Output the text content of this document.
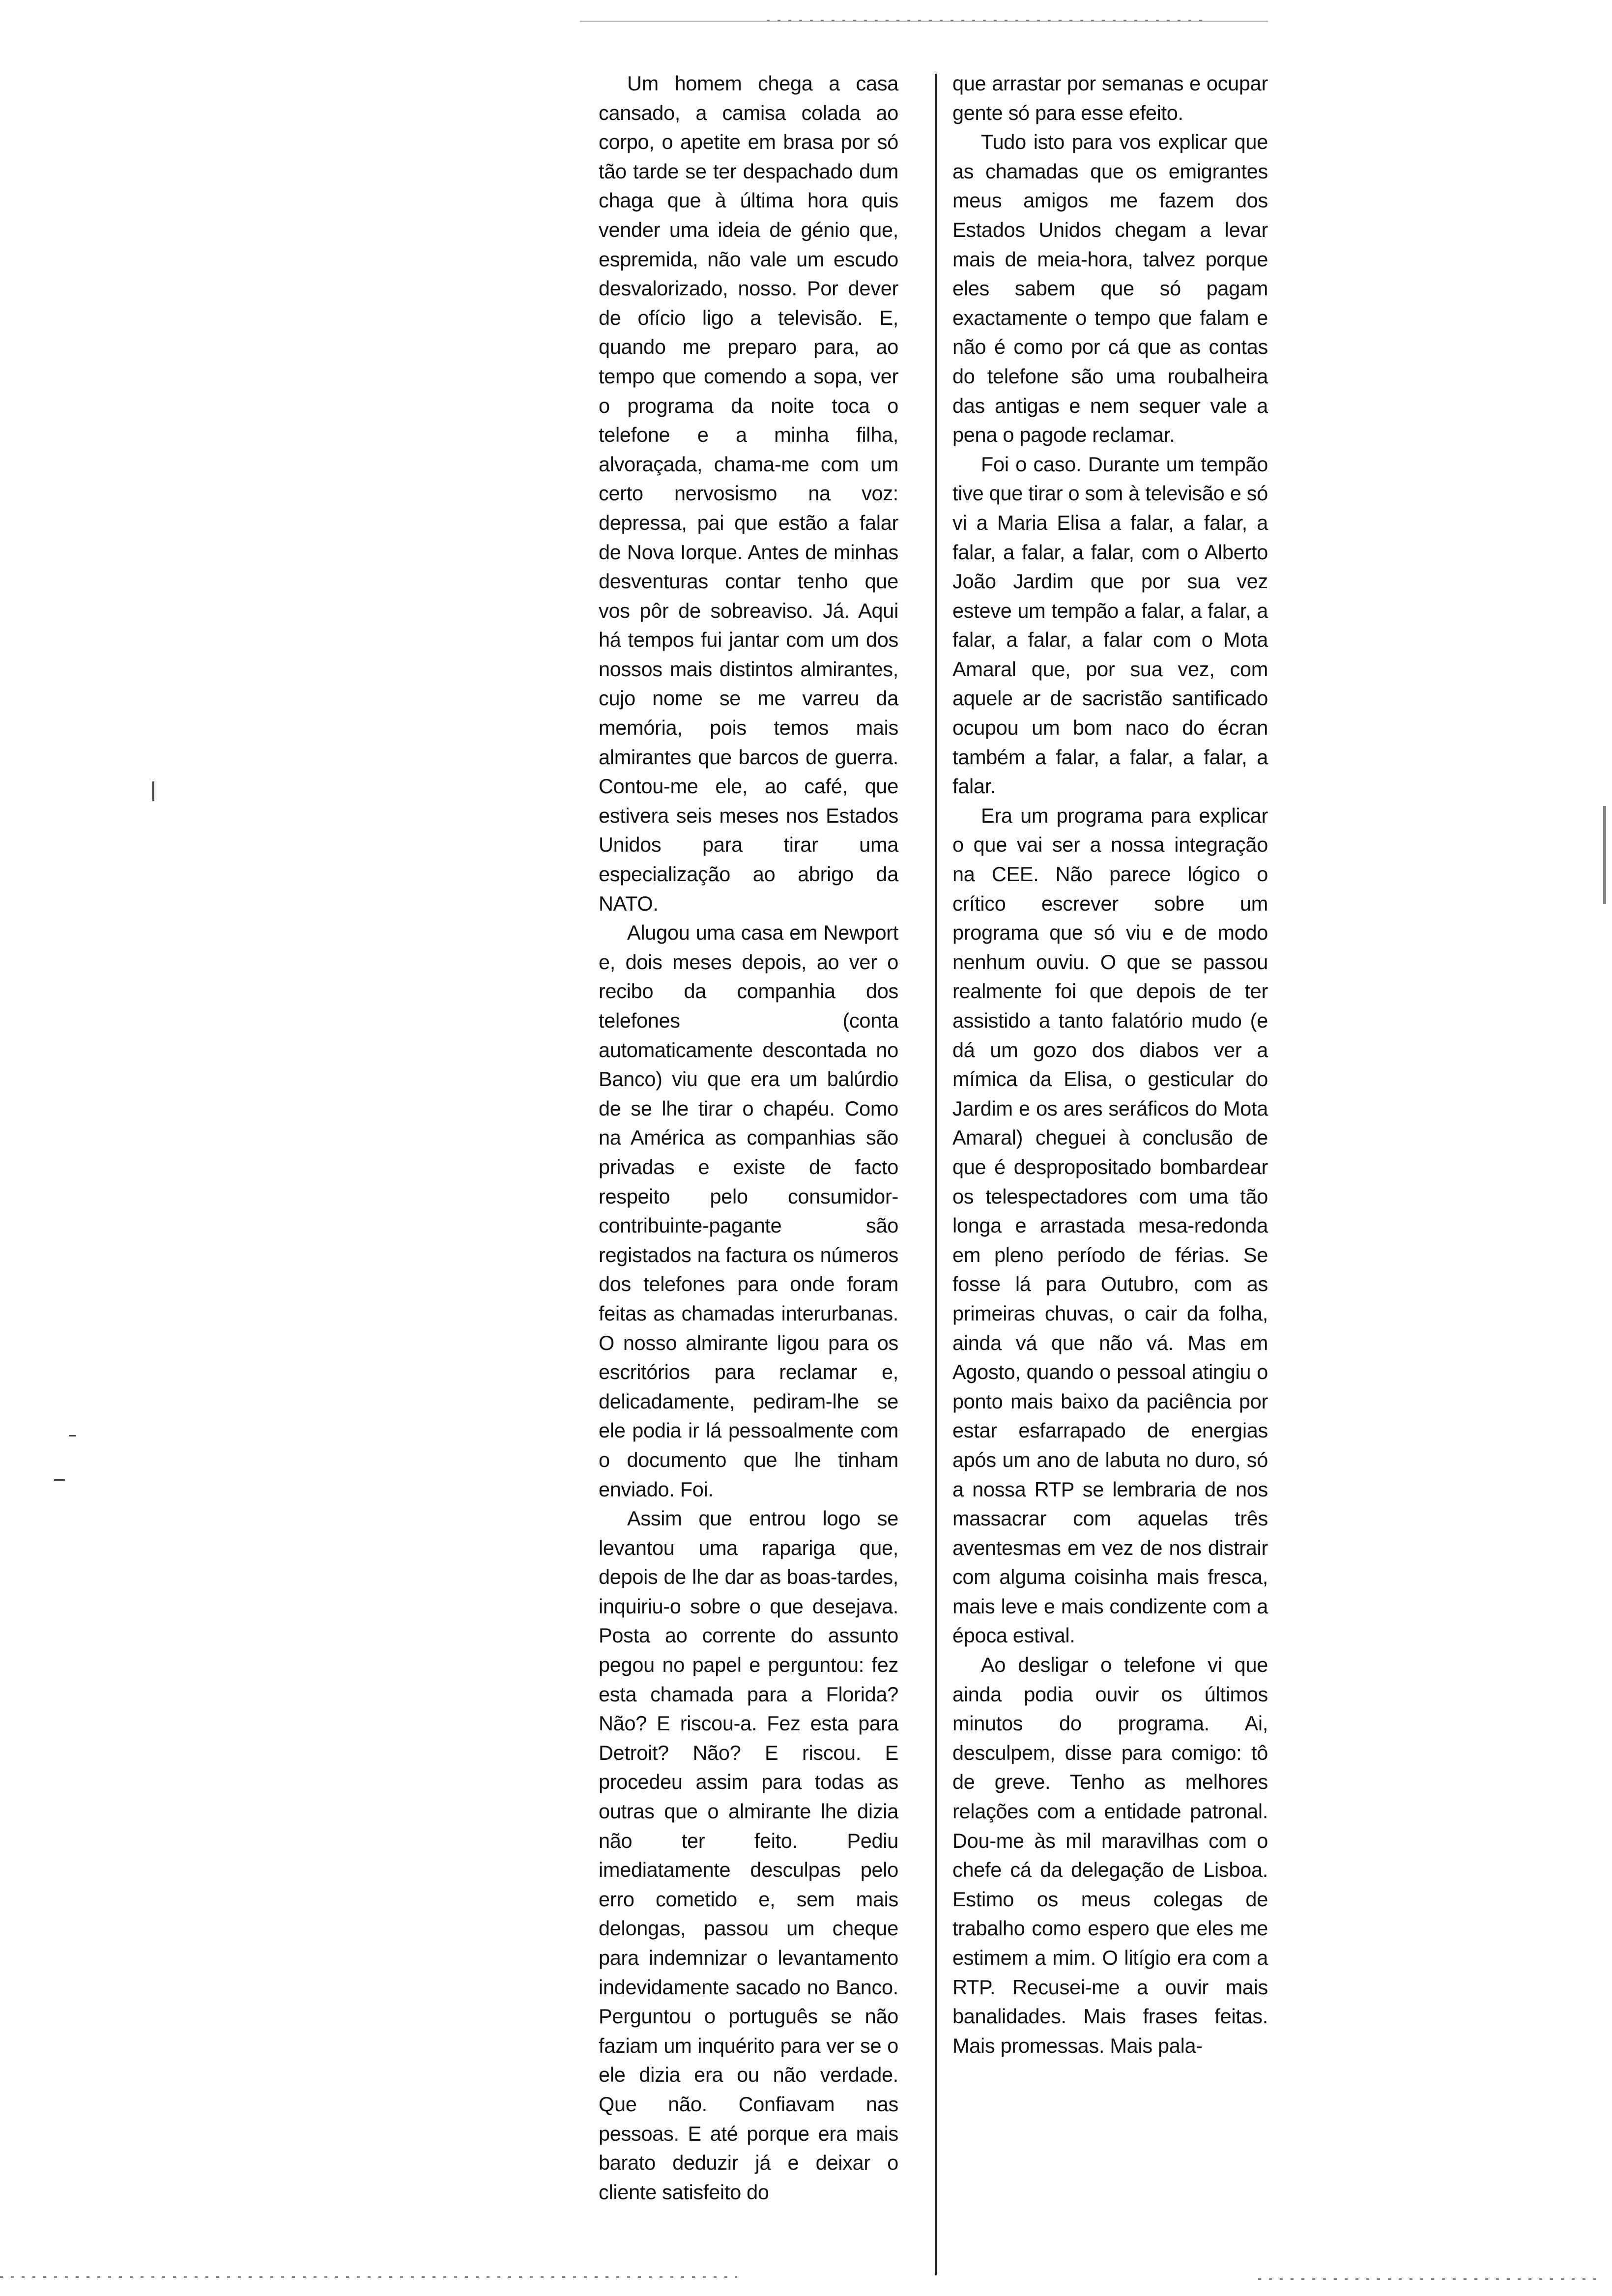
Um homem chega a casa cansado, a camisa colada ao corpo, o apetite em brasa por só tão tarde se ter despachado dum chaga que à última hora quis vender uma ideia de génio que, espremida, não vale um escudo desvalorizado, nosso. Por dever de ofício ligo a televisão. E, quando me preparo para, ao tempo que comendo a sopa, ver o programa da noite toca o telefone e a minha filha, alvoraçada, chama-me com um certo nervosismo na voz: depressa, pai que estão a falar de Nova Iorque. Antes de minhas desventuras contar tenho que vos pôr de sobreaviso. Já. Aqui há tempos fui jantar com um dos nossos mais distintos almirantes, cujo nome se me varreu da memória, pois temos mais almirantes que barcos de guerra. Contou-me ele, ao café, que estivera seis meses nos Estados Unidos para tirar uma especialização ao abrigo da NATO.

Alugou uma casa em Newport e, dois meses depois, ao ver o recibo da companhia dos telefones (conta automaticamente descontada no Banco) viu que era um balúrdio de se lhe tirar o chapéu. Como na América as companhias são privadas e existe de facto respeito pelo consumidor-contribuinte-pagante são registados na factura os números dos telefones para onde foram feitas as chamadas interurbanas. O nosso almirante ligou para os escritórios para reclamar e, delicadamente, pediram-lhe se ele podia ir lá pessoalmente com o documento que lhe tinham enviado. Foi.

Assim que entrou logo se levantou uma rapariga que, depois de lhe dar as boas-tardes, inquiriu-o sobre o que desejava. Posta ao corrente do assunto pegou no papel e perguntou: fez esta chamada para a Florida? Não? E riscou-a. Fez esta para Detroit? Não? E riscou. E procedeu assim para todas as outras que o almirante lhe dizia não ter feito. Pediu imediatamente desculpas pelo erro cometido e, sem mais delongas, passou um cheque para indemnizar o levantamento indevidamente sacado no Banco. Perguntou o português se não faziam um inquérito para ver se o ele dizia era ou não verdade. Que não. Confiavam nas pessoas. E até porque era mais barato deduzir já e deixar o cliente satisfeito do

que arrastar por semanas e ocupar gente só para esse efeito.

Tudo isto para vos explicar que as chamadas que os emigrantes meus amigos me fazem dos Estados Unidos chegam a levar mais de meia-hora, talvez porque eles sabem que só pagam exactamente o tempo que falam e não é como por cá que as contas do telefone são uma roubalheira das antigas e nem sequer vale a pena o pagode reclamar.

Foi o caso. Durante um tempão tive que tirar o som à televisão e só vi a Maria Elisa a falar, a falar, a falar, a falar, a falar, com o Alberto João Jardim que por sua vez esteve um tempão a falar, a falar, a falar, a falar, a falar com o Mota Amaral que, por sua vez, com aquele ar de sacristão santificado ocupou um bom naco do écran também a falar, a falar, a falar, a falar.

Era um programa para explicar o que vai ser a nossa integração na CEE. Não parece lógico o crítico escrever sobre um programa que só viu e de modo nenhum ouviu. O que se passou realmente foi que depois de ter assistido a tanto falatório mudo (e dá um gozo dos diabos ver a mímica da Elisa, o gesticular do Jardim e os ares seráficos do Mota Amaral) cheguei à conclusão de que é despropositado bombardear os telespectadores com uma tão longa e arrastada mesa-redonda em pleno período de férias. Se fosse lá para Outubro, com as primeiras chuvas, o cair da folha, ainda vá que não vá. Mas em Agosto, quando o pessoal atingiu o ponto mais baixo da paciência por estar esfarrapado de energias após um ano de labuta no duro, só a nossa RTP se lembraria de nos massacrar com aquelas três aventesmas em vez de nos distrair com alguma coisinha mais fresca, mais leve e mais condizente com a época estival.

Ao desligar o telefone vi que ainda podia ouvir os últimos minutos do programa. Ai, desculpem, disse para comigo: tô de greve. Tenho as melhores relações com a entidade patronal. Dou-me às mil maravilhas com o chefe cá da delegação de Lisboa. Estimo os meus colegas de trabalho como espero que eles me estimem a mim. O litígio era com a RTP. Recusei-me a ouvir mais banalidades. Mais frases feitas. Mais promessas. Mais pala-
